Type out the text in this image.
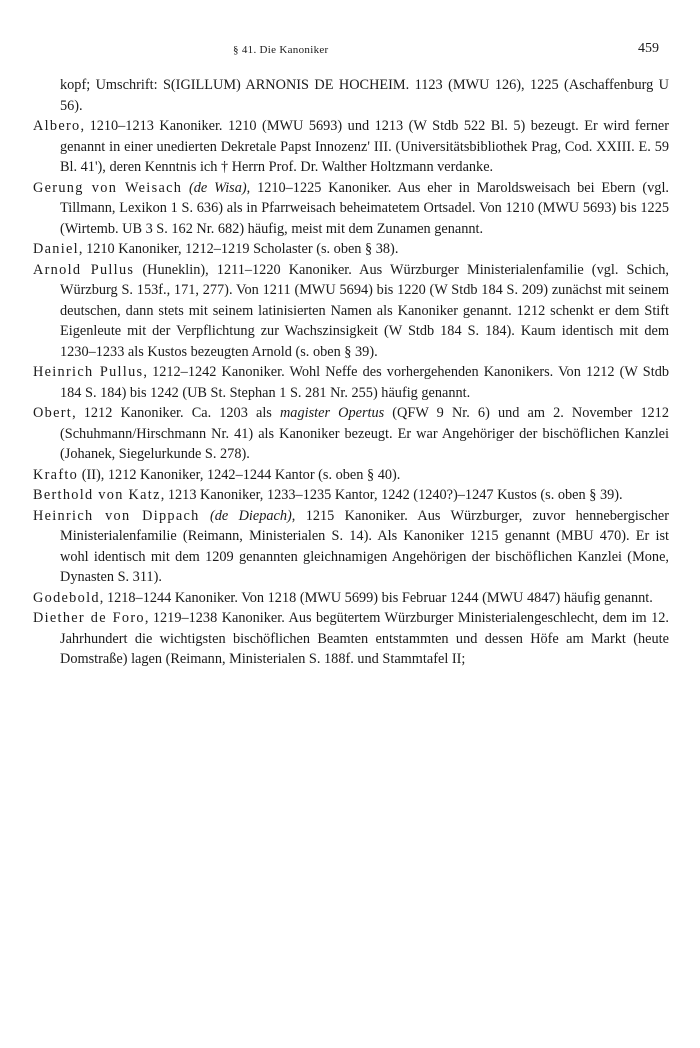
§ 41. Die Kanoniker	459

kopf; Umschrift: S(IGILLUM) ARNONIS DE HOCHEIM. 1123 (MWU 126), 1225 (Aschaffenburg U 56).

Albero, 1210–1213 Kanoniker. 1210 (MWU 5693) und 1213 (W Stdb 522 Bl. 5) bezeugt. Er wird ferner genannt in einer unedierten Dekretale Papst Innozenz' III. (Universitätsbibliothek Prag, Cod. XXIII. E. 59 Bl. 41'), deren Kenntnis ich † Herrn Prof. Dr. Walther Holtzmann verdanke.

Gerung von Weisach (de Wisa), 1210–1225 Kanoniker. Aus eher in Maroldsweisach bei Ebern (vgl. Tillmann, Lexikon 1 S. 636) als in Pfarrweisach beheimatetem Ortsadel. Von 1210 (MWU 5693) bis 1225 (Wirtemb. UB 3 S. 162 Nr. 682) häufig, meist mit dem Zunamen genannt.

Daniel, 1210 Kanoniker, 1212–1219 Scholaster (s. oben § 38).

Arnold Pullus (Huneklin), 1211–1220 Kanoniker. Aus Würzburger Ministerialenfamilie (vgl. Schich, Würzburg S. 153f., 171, 277). Von 1211 (MWU 5694) bis 1220 (W Stdb 184 S. 209) zunächst mit seinem deutschen, dann stets mit seinem latinisierten Namen als Kanoniker genannt. 1212 schenkt er dem Stift Eigenleute mit der Verpflichtung zur Wachszinsigkeit (W Stdb 184 S. 184). Kaum identisch mit dem 1230–1233 als Kustos bezeugten Arnold (s. oben § 39).

Heinrich Pullus, 1212–1242 Kanoniker. Wohl Neffe des vorhergehenden Kanonikers. Von 1212 (W Stdb 184 S. 184) bis 1242 (UB St. Stephan 1 S. 281 Nr. 255) häufig genannt.

Obert, 1212 Kanoniker. Ca. 1203 als magister Opertus (QFW 9 Nr. 6) und am 2. November 1212 (Schuhmann/Hirschmann Nr. 41) als Kanoniker bezeugt. Er war Angehöriger der bischöflichen Kanzlei (Johanek, Siegelurkunde S. 278).

Krafto (II), 1212 Kanoniker, 1242–1244 Kantor (s. oben § 40).

Berthold von Katz, 1213 Kanoniker, 1233–1235 Kantor, 1242 (1240?)–1247 Kustos (s. oben § 39).

Heinrich von Dippach (de Diepach), 1215 Kanoniker. Aus Würzburger, zuvor hennebergischer Ministerialenfamilie (Reimann, Ministerialen S. 14). Als Kanoniker 1215 genannt (MBU 470). Er ist wohl identisch mit dem 1209 genannten gleichnamigen Angehörigen der bischöflichen Kanzlei (Mone, Dynasten S. 311).

Godebold, 1218–1244 Kanoniker. Von 1218 (MWU 5699) bis Februar 1244 (MWU 4847) häufig genannt.

Diether de Foro, 1219–1238 Kanoniker. Aus begütertem Würzburger Ministerialengeschlecht, dem im 12. Jahrhundert die wichtigsten bischöflichen Beamten entstammten und dessen Höfe am Markt (heute Domstraße) lagen (Reimann, Ministerialen S. 188f. und Stammtafel II;
